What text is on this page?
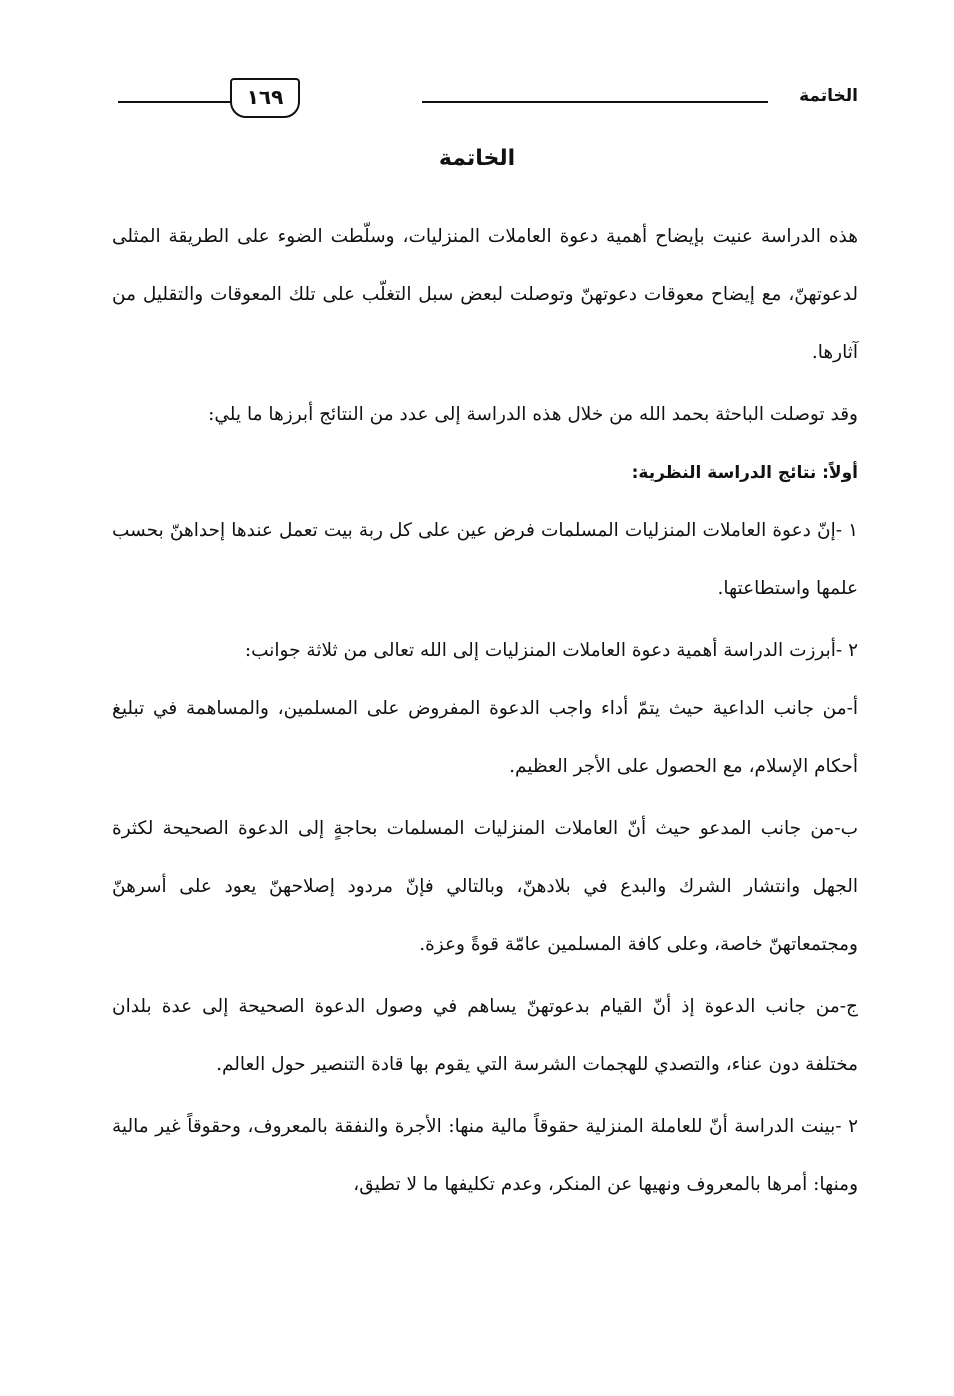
الخاتمة
١٦٩
الخاتمة

هذه الدراسة عنيت بإيضاح أهمية دعوة العاملات المنزليات، وسلّطت الضوء على الطريقة المثلى لدعوتهنّ، مع إيضاح معوقات دعوتهنّ وتوصلت لبعض سبل التغلّب على تلك المعوقات والتقليل من آثارها.

وقد توصلت الباحثة بحمد الله من خلال هذه الدراسة إلى عدد من النتائج أبرزها ما يلي:

أولاً: نتائج الدراسة النظرية:

١ -إنّ دعوة العاملات المنزليات المسلمات فرض عين على كل ربة بيت تعمل عندها إحداهنّ بحسب علمها واستطاعتها.

٢ -أبرزت الدراسة أهمية دعوة العاملات المنزليات إلى الله تعالى من ثلاثة جوانب:

أ-من جانب الداعية حيث يتمّ أداء واجب الدعوة المفروض على المسلمين، والمساهمة في تبليغ أحكام الإسلام، مع الحصول على الأجر العظيم.

ب-من جانب المدعو حيث أنّ العاملات المنزليات المسلمات بحاجةٍ إلى الدعوة الصحيحة لكثرة الجهل وانتشار الشرك والبدع في بلادهنّ، وبالتالي فإنّ مردود إصلاحهنّ يعود على أسرهنّ ومجتمعاتهنّ خاصة، وعلى كافة المسلمين عامّة قوةً وعزة.

ج-من جانب الدعوة إذ أنّ القيام بدعوتهنّ يساهم في وصول الدعوة الصحيحة إلى عدة بلدان مختلفة دون عناء، والتصدي للهجمات الشرسة التي يقوم بها قادة التنصير حول العالم.

٢ -بينت الدراسة أنّ للعاملة المنزلية حقوقاً مالية منها: الأجرة والنفقة بالمعروف، وحقوقاً غير مالية ومنها: أمرها بالمعروف ونهيها عن المنكر، وعدم تكليفها ما لا تطيق،
